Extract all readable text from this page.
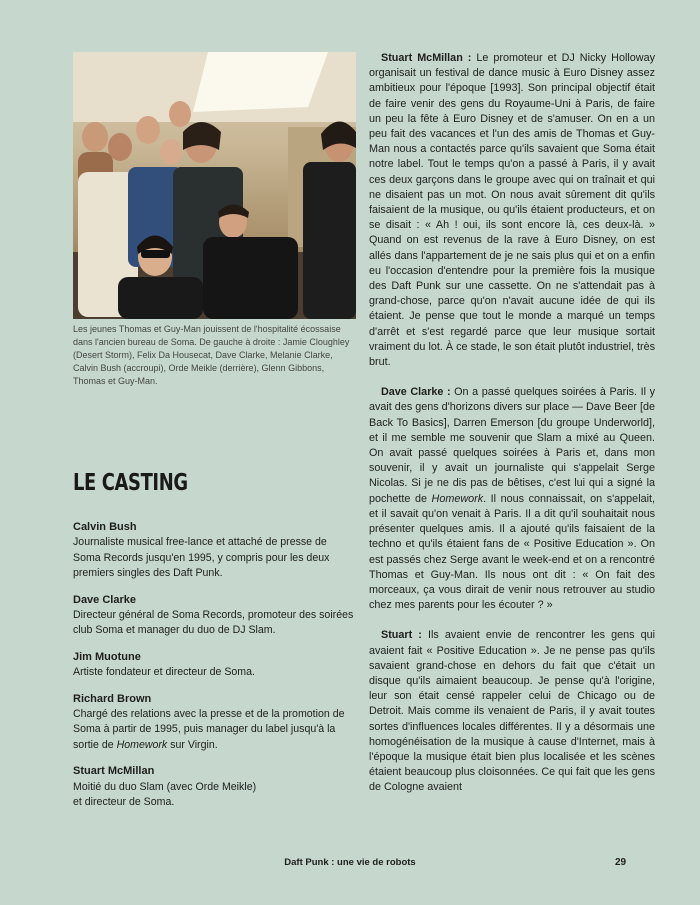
Les jeunes Thomas et Guy-Man jouissent de l'hospitalité écossaise dans l'ancien bureau de Soma. De gauche à droite : Jamie Cloughley (Desert Storm), Felix Da Housecat, Dave Clarke, Melanie Clarke, Calvin Bush (accroupi), Orde Meikle (derrière), Glenn Gibbons, Thomas et Guy-Man.
LE CASTING
Calvin Bush
Journaliste musical free-lance et attaché de presse de Soma Records jusqu'en 1995, y compris pour les deux premiers singles des Daft Punk.
Dave Clarke
Directeur général de Soma Records, promoteur des soirées club Soma et manager du duo de DJ Slam.
Jim Muotune
Artiste fondateur et directeur de Soma.
Richard Brown
Chargé des relations avec la presse et de la promotion de Soma à partir de 1995, puis manager du label jusqu'à la sortie de Homework sur Virgin.
Stuart McMillan
Moitié du duo Slam (avec Orde Meikle)
et directeur de Soma.

Stuart McMillan : Le promoteur et DJ Nicky Holloway organisait un festival de dance music à Euro Disney assez ambitieux pour l'époque [1993]. Son principal objectif était de faire venir des gens du Royaume-Uni à Paris, de faire un peu la fête à Euro Disney et de s'amuser. On en a un peu fait des vacances et l'un des amis de Thomas et Guy-Man nous a contactés parce qu'ils savaient que Soma était notre label. Tout le temps qu'on a passé à Paris, il y avait ces deux garçons dans le groupe avec qui on traînait et qui ne disaient pas un mot. On nous avait sûrement dit qu'ils faisaient de la musique, ou qu'ils étaient producteurs, et on se disait : « Ah ! oui, ils sont encore là, ces deux-là. » Quand on est revenus de la rave à Euro Disney, on est allés dans l'appartement de je ne sais plus qui et on a enfin eu l'occasion d'entendre pour la première fois la musique des Daft Punk sur une cassette. On ne s'attendait pas à grand-chose, parce qu'on n'avait aucune idée de qui ils étaient. Je pense que tout le monde a marqué un temps d'arrêt et s'est regardé parce que leur musique sortait vraiment du lot. À ce stade, le son était plutôt industriel, très brut.

Dave Clarke : On a passé quelques soirées à Paris. Il y avait des gens d'horizons divers sur place — Dave Beer [de Back To Basics], Darren Emerson [du groupe Underworld], et il me semble me souvenir que Slam a mixé au Queen. On avait passé quelques soirées à Paris et, dans mon souvenir, il y avait un journaliste qui s'appelait Serge Nicolas. Si je ne dis pas de bêtises, c'est lui qui a signé la pochette de Homework. Il nous connaissait, on s'appelait, et il savait qu'on venait à Paris. Il a dit qu'il souhaitait nous présenter quelques amis. Il a ajouté qu'ils faisaient de la techno et qu'ils étaient fans de « Positive Education ». On est passés chez Serge avant le week-end et on a rencontré Thomas et Guy-Man. Ils nous ont dit : « On fait des morceaux, ça vous dirait de venir nous retrouver au studio chez mes parents pour les écouter ? »

Stuart : Ils avaient envie de rencontrer les gens qui avaient fait « Positive Education ». Je ne pense pas qu'ils savaient grand-chose en dehors du fait que c'était un disque qu'ils aimaient beaucoup. Je pense qu'à l'origine, leur son était censé rappeler celui de Chicago ou de Detroit. Mais comme ils venaient de Paris, il y avait toutes sortes d'influences locales différentes. Il y a désormais une homogénéisation de la musique à cause d'Internet, mais à l'époque la musique était bien plus localisée et les scènes étaient beaucoup plus cloisonnées. Ce qui fait que les gens de Cologne avaient

Daft Punk : une vie de robots	29
